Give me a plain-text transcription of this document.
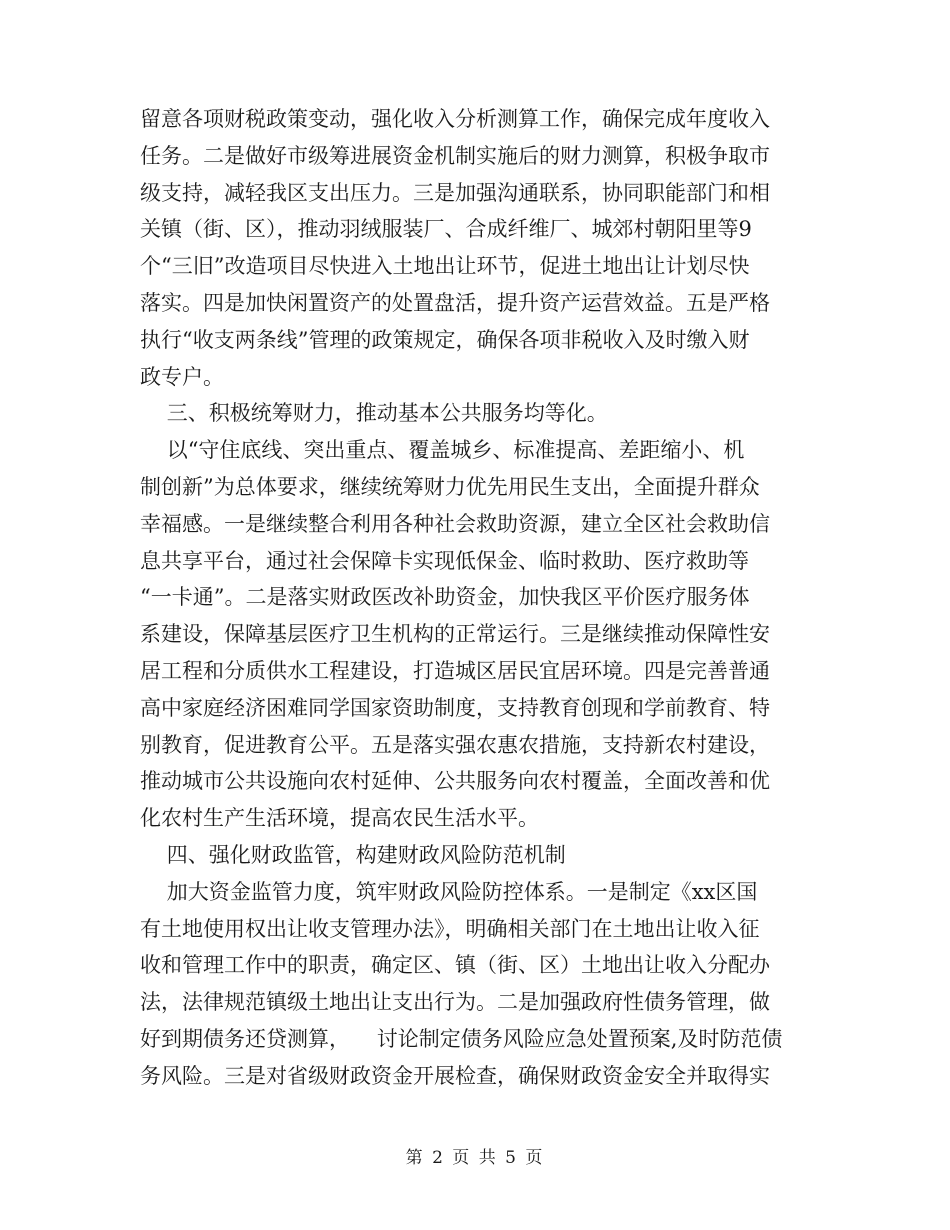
留意各项财税政策变动，强化收入分析测算工作，确保完成年度收入
任务。二是做好市级筹进展资金机制实施后的财力测算，积极争取市
级支持，减轻我区支出压力。三是加强沟通联系，协同职能部门和相
关镇（街、区），推动羽绒服装厂、合成纤维厂、城郊村朝阳里等9
个“三旧”改造项目尽快进入土地出让环节，促进土地出让计划尽快
落实。四是加快闲置资产的处置盘活，提升资产运营效益。五是严格
执行“收支两条线”管理的政策规定，确保各项非税收入及时缴入财
政专户。
三、积极统筹财力，推动基本公共服务均等化。
以“守住底线、突出重点、覆盖城乡、标准提高、差距缩小、机
制创新”为总体要求，继续统筹财力优先用民生支出，全面提升群众
幸福感。一是继续整合利用各种社会救助资源，建立全区社会救助信
息共享平台，通过社会保障卡实现低保金、临时救助、医疗救助等
“一卡通”。二是落实财政医改补助资金，加快我区平价医疗服务体
系建设，保障基层医疗卫生机构的正常运行。三是继续推动保障性安
居工程和分质供水工程建设，打造城区居民宜居环境。四是完善普通
高中家庭经济困难同学国家资助制度，支持教育创现和学前教育、特
别教育，促进教育公平。五是落实强农惠农措施，支持新农村建设，
推动城市公共设施向农村延伸、公共服务向农村覆盖，全面改善和优
化农村生产生活环境，提高农民生活水平。
四、强化财政监管，构建财政风险防范机制
加大资金监管力度，筑牢财政风险防控体系。一是制定《xx区国
有土地使用权出让收支管理办法》，明确相关部门在土地出让收入征
收和管理工作中的职责，确定区、镇（街、区）土地出让收入分配办
法，法律规范镇级土地出让支出行为。二是加强政府性债务管理，做
好到期债务还贷测算，    讨论制定债务风险应急处置预案,及时防范债
务风险。三是对省级财政资金开展检查，确保财政资金安全并取得实
第 2 页 共 5 页
